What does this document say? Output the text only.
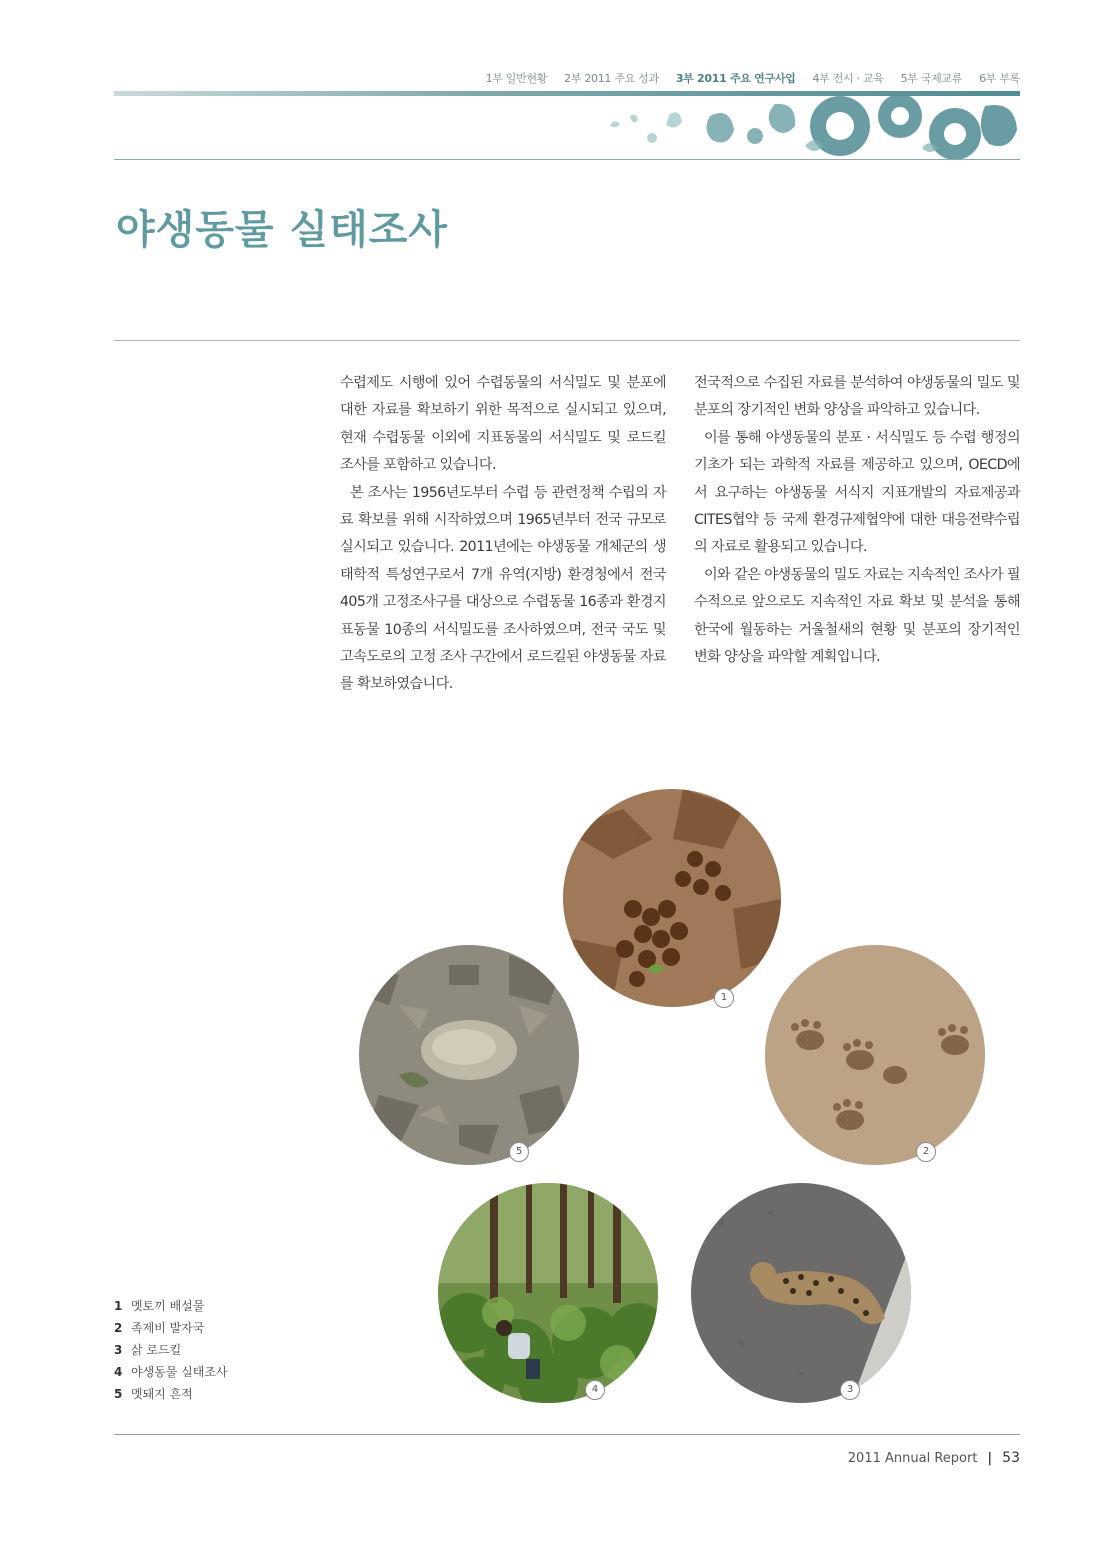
1부 일반현황 2부 2011 주요 성과 3부 2011 주요 연구사업 4부 전시 · 교육 5부 국제교류 6부 부록
야생동물 실태조사

수렵제도 시행에 있어 수렵동물의 서식밀도 및 분포에 대한 자료를 확보하기 위한 목적으로 실시되고 있으며, 현재 수렵동물 이외에 지표동물의 서식밀도 및 로드킬 조사를 포함하고 있습니다.

본 조사는 1956년도부터 수렵 등 관련정책 수립의 자료 확보를 위해 시작하였으며 1965년부터 전국 규모로 실시되고 있습니다. 2011년에는 야생동물 개체군의 생태학적 특성연구로서 7개 유역(지방) 환경청에서 전국 405개 고정조사구를 대상으로 수렵동물 16종과 환경지표동물 10종의 서식밀도를 조사하였으며, 전국 국도 및 고속도로의 고정 조사 구간에서 로드킬된 야생동물 자료를 확보하였습니다.

전국적으로 수집된 자료를 분석하여 야생동물의 밀도 및 분포의 장기적인 변화 양상을 파악하고 있습니다.

이를 통해 야생동물의 분포 · 서식밀도 등 수렵 행정의 기초가 되는 과학적 자료를 제공하고 있으며, OECD에서 요구하는 야생동물 서식지 지표개발의 자료제공과 CITES협약 등 국제 환경규제협약에 대한 대응전략수립의 자료로 활용되고 있습니다.

이와 같은 야생동물의 밀도 자료는 지속적인 조사가 필수적으로 앞으로도 지속적인 자료 확보 및 분석을 통해 한국에 월동하는 거울철새의 현황 및 분포의 장기적인 변화 양상을 파악할 계획입니다.

1
2
5
4	3
1 멧토끼 배설물
2 족제비 발자국
3 삵 로드킬
4 야생동물 실태조사
5 멧돼지 흔적
2011 Annual Report | 53
